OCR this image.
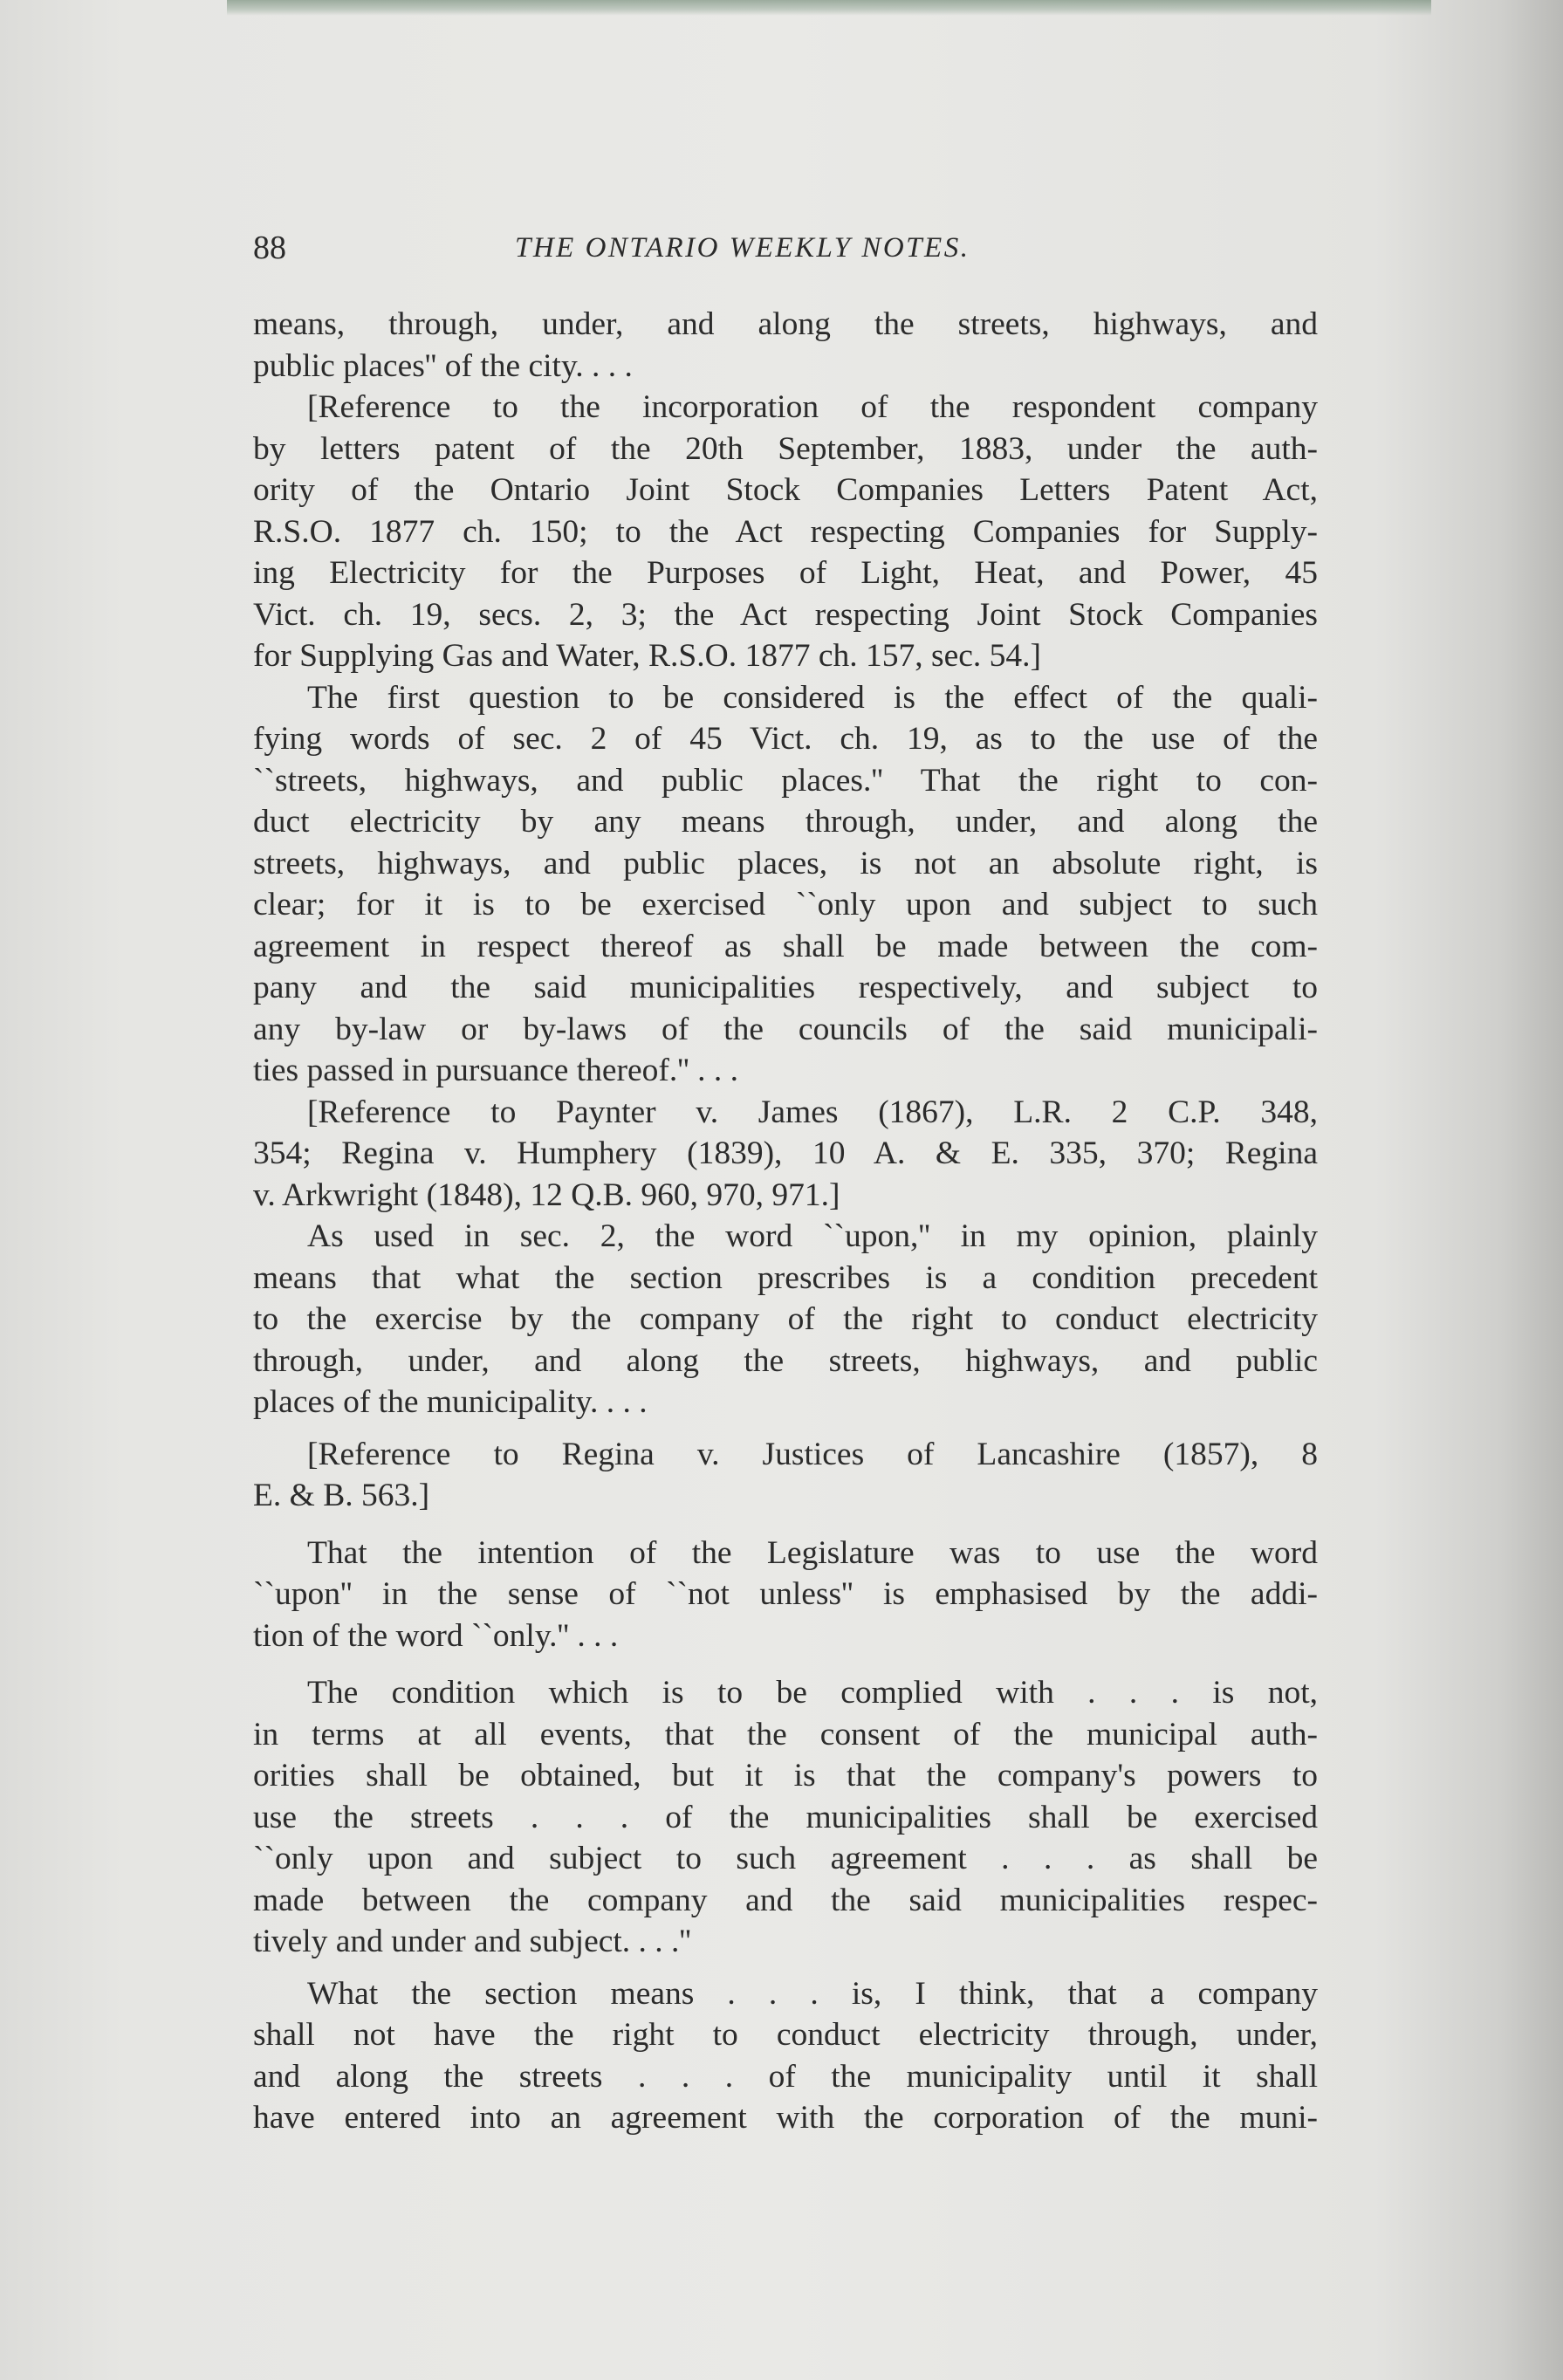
88	THE ONTARIO WEEKLY NOTES.
means, through, under, and along the streets, highways, and
public places'' of the city. . . .
[Reference to the incorporation of the respondent company
by letters patent of the 20th September, 1883, under the auth-
ority of the Ontario Joint Stock Companies Letters Patent Act,
R.S.O. 1877 ch. 150; to the Act respecting Companies for Supply-
ing Electricity for the Purposes of Light, Heat, and Power, 45
Vict. ch. 19, secs. 2, 3; the Act respecting Joint Stock Companies
for Supplying Gas and Water, R.S.O. 1877 ch. 157, sec. 54.]
The first question to be considered is the effect of the quali-
fying words of sec. 2 of 45 Vict. ch. 19, as to the use of the
``streets, highways, and public places.'' That the right to con-
duct electricity by any means through, under, and along the
streets, highways, and public places, is not an absolute right, is
clear; for it is to be exercised ``only upon and subject to such
agreement in respect thereof as shall be made between the com-
pany and the said municipalities respectively, and subject to
any by-law or by-laws of the councils of the said municipali-
ties passed in pursuance thereof.'' . . .
[Reference to Paynter v. James (1867), L.R. 2 C.P. 348,
354; Regina v. Humphery (1839), 10 A. & E. 335, 370; Regina
v. Arkwright (1848), 12 Q.B. 960, 970, 971.]
As used in sec. 2, the word ``upon,'' in my opinion, plainly
means that what the section prescribes is a condition precedent
to the exercise by the company of the right to conduct electricity
through, under, and along the streets, highways, and public
places of the municipality. . . .
[Reference to Regina v. Justices of Lancashire (1857), 8
E. & B. 563.]
That the intention of the Legislature was to use the word
``upon'' in the sense of ``not unless'' is emphasised by the addi-
tion of the word ``only.'' . . .
The condition which is to be complied with . . . is not,
in terms at all events, that the consent of the municipal auth-
orities shall be obtained, but it is that the company's powers to
use the streets . . . of the municipalities shall be exercised
``only upon and subject to such agreement . . . as shall be
made between the company and the said municipalities respec-
tively and under and subject. . . .''
What the section means . . . is, I think, that a company
shall not have the right to conduct electricity through, under,
and along the streets . . . of the municipality until it shall
have entered into an agreement with the corporation of the muni-
